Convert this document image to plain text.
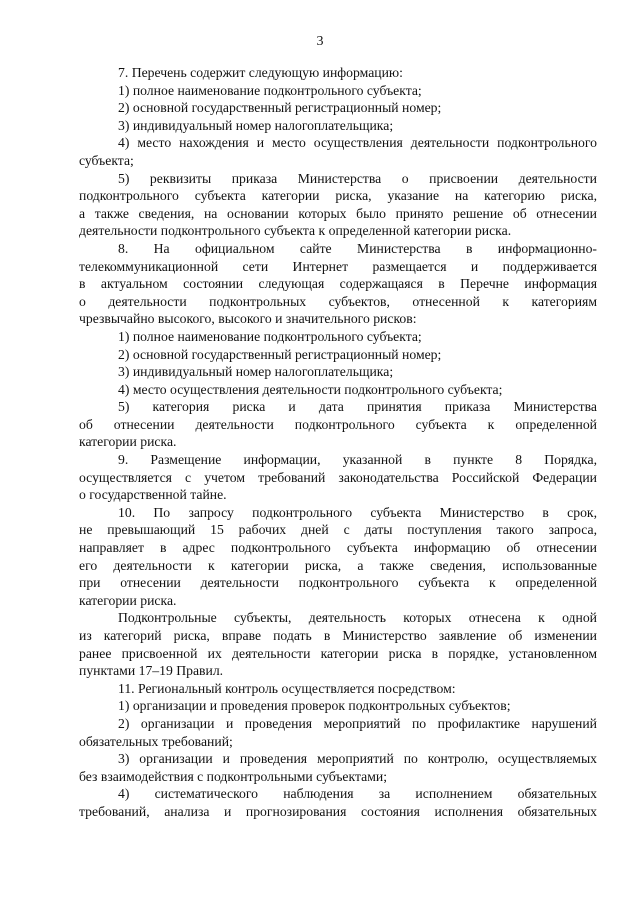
3

7. Перечень содержит следующую информацию:

1) полное наименование подконтрольного субъекта;

2) основной государственный регистрационный номер;

3) индивидуальный номер налогоплательщика;

4) место нахождения и место осуществления деятельности подконтрольного
субъекта;

5) реквизиты приказа Министерства о присвоении деятельности
подконтрольного субъекта категории риска, указание на категорию риска,
а также сведения, на основании которых было принято решение об отнесении
деятельности подконтрольного субъекта к определенной категории риска.

8. На официальном сайте Министерства в информационно-
телекоммуникационной сети Интернет размещается и поддерживается
в актуальном состоянии следующая содержащаяся в Перечне информация
о деятельности подконтрольных субъектов, отнесенной к категориям
чрезвычайно высокого, высокого и значительного рисков:

1) полное наименование подконтрольного субъекта;

2) основной государственный регистрационный номер;

3) индивидуальный номер налогоплательщика;

4) место осуществления деятельности подконтрольного субъекта;

5) категория риска и дата принятия приказа Министерства
об отнесении деятельности подконтрольного субъекта к определенной
категории риска.

9. Размещение информации, указанной в пункте 8 Порядка,
осуществляется с учетом требований законодательства Российской Федерации
о государственной тайне.

10. По запросу подконтрольного субъекта Министерство в срок,
не превышающий 15 рабочих дней с даты поступления такого запроса,
направляет в адрес подконтрольного субъекта информацию об отнесении
его деятельности к категории риска, а также сведения, использованные
при отнесении деятельности подконтрольного субъекта к определенной
категории риска.

Подконтрольные субъекты, деятельность которых отнесена к одной
из категорий риска, вправе подать в Министерство заявление об изменении
ранее присвоенной их деятельности категории риска в порядке, установленном
пунктами 17–19 Правил.

11. Региональный контроль осуществляется посредством:

1) организации и проведения проверок подконтрольных субъектов;

2) организации и проведения мероприятий по профилактике нарушений
обязательных требований;

3) организации и проведения мероприятий по контролю, осуществляемых
без взаимодействия с подконтрольными субъектами;

4) систематического наблюдения за исполнением обязательных
требований, анализа и прогнозирования состояния исполнения обязательных
